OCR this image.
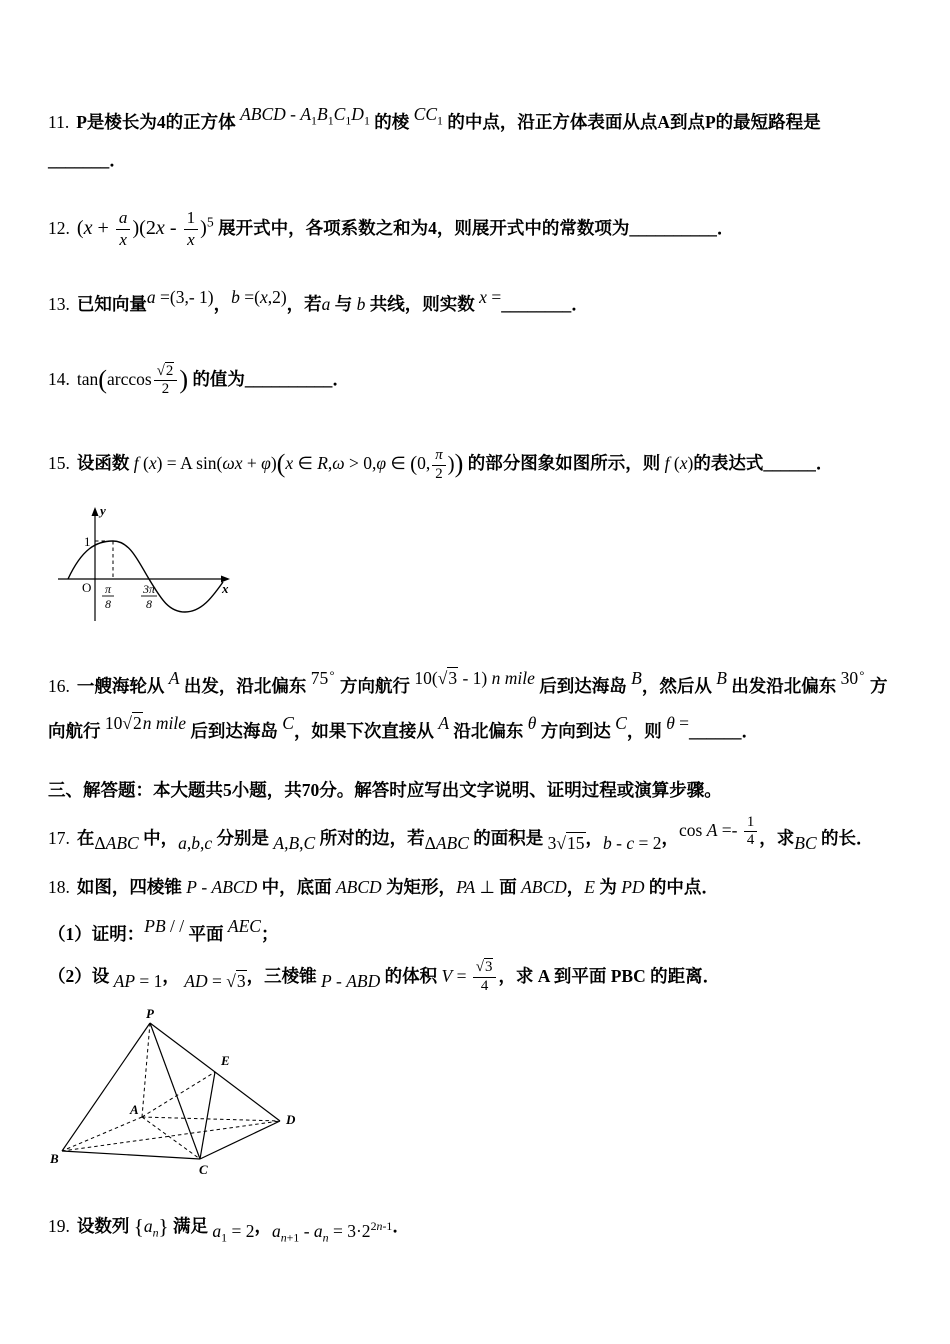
11. P是棱长为4的正方体 ABCD - $A_1B_1C_1D_1$ 的棱 $CC_1$ 的中点，沿正方体表面从点A到点P的最短路程是_______．
12. $(x + \frac{a}{x} )(2x - \frac{1}{x} )^5$ 展开式中，各项系数之和为4，则展开式中的常数项为__________．
13. 已知向量a =(3,- 1)，b =(x,2)，若a 与 b 共线，则实数 x =________．
14. tan(arccos √ $\frac{2}{2}$ ) 的值为__________．
15. 设函数 f (x) = A sin(ωx + φ)(x ∈ R,ω > 0,φ ∈ (0, $\frac{\pi}{2}$ )) 的部分图象如图所示，则 f (x)的表达式______．
y
x
O
1
π
8
3π
8
16. 一艘海轮从 A 出发，沿北偏东 75∘ 方向航行 10( √ 3 - 1) n mile 后到达海岛 B，然后从 B 出发沿北偏东 30∘ 方向航行 10 √ 2n mile 后到达海岛 C，如果下次直接从 A 沿北偏东 θ 方向到达 C，则 θ =______．
三、解答题：本大题共5小题，共70分。解答时应写出文字说明、证明过程或演算步骤。
17. 在ΔABC 中，a,b,c 分别是 A,B,C 所对的边，若ΔABC 的面积是 3 √ 15，b - c = 2，$\cos A =- \frac{1}{4}$ ，求BC 的长．
18. 如图，四棱锥 P - ABCD 中，底面 ABCD 为矩形，PA ⊥ 面 ABCD，E 为 PD 的中点．
（1）证明：PB / / 平面 AEC；
（2）设 AP = 1， AD = √ 3，三棱锥 P - ABD 的体积 V = √ $\frac{3}{4}$ ，求 A 到平面 PBC 的距离．
P
E
A
D
B
C
19. 设数列 $\{a_n\}$ 满足 $a_1 = 2$，$a_{n+1} - a_n = 3\cdot 2^{2n-1}$．
